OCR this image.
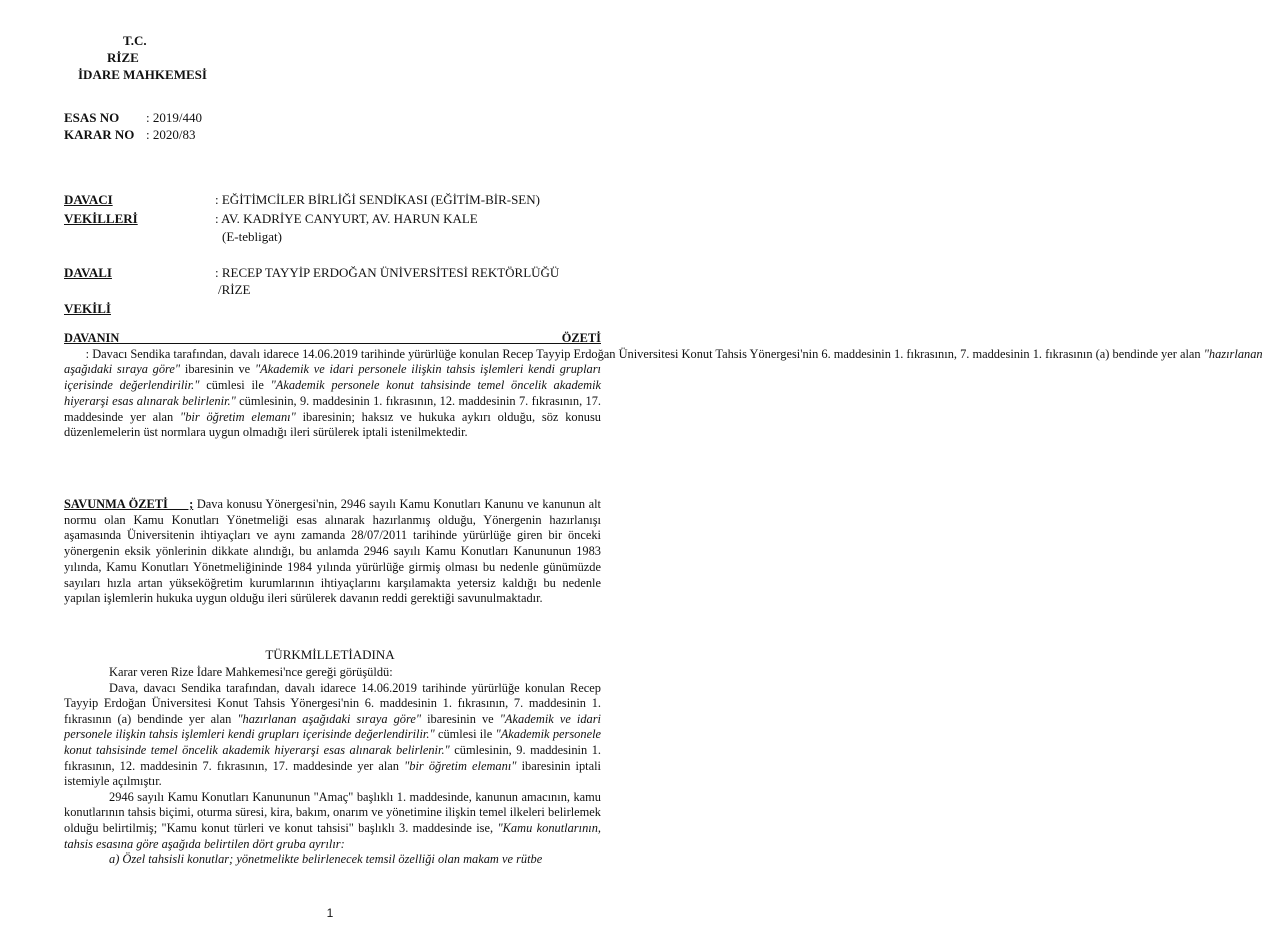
T.C.
RİZE
İDARE MAHKEMESİ
ESAS NO : 2019/440
KARAR NO : 2020/83
DAVACI	: EĞİTİMCİLER BİRLİĞİ SENDİKASI (EĞİTİM-BİR-SEN)
VEKİLLERİ	: AV. KADRİYE CANYURT, AV. HARUN KALE
(E-tebligat)
DAVALI	: RECEP TAYYİP ERDOĞAN ÜNİVERSİTESİ REKTÖRLÜĞÜ
/RİZE
VEKİLİ

DAVANIN ÖZETİ       : Davacı Sendika tarafından, davalı idarece 14.06.2019 tarihinde yürürlüğe konulan Recep Tayyip Erdoğan Üniversitesi Konut Tahsis Yönergesi'nin 6. maddesinin 1. fıkrasının, 7. maddesinin 1. fıkrasının (a) bendinde yer alan "hazırlanan aşağıdaki sıraya göre" ibaresinin ve "Akademik ve idari personele ilişkin tahsis işlemleri kendi grupları içerisinde değerlendirilir." cümlesi ile "Akademik personele konut tahsisinde temel öncelik akademik hiyerarşi esas alınarak belirlenir." cümlesinin, 9. maddesinin 1. fıkrasının, 12. maddesinin 7. fıkrasının, 17. maddesinde yer alan "bir öğretim elemanı" ibaresinin; haksız ve hukuka aykırı olduğu, söz konusu düzenlemelerin üst normlara uygun olmadığı ileri sürülerek iptali istenilmektedir.

SAVUNMA ÖZETİ      ; Dava konusu Yönergesi'nin, 2946 sayılı Kamu Konutları Kanunu ve kanunun alt normu olan Kamu Konutları Yönetmeliği esas alınarak hazırlanmış olduğu, Yönergenin hazırlanışı aşamasında Üniversitenin ihtiyaçları ve aynı zamanda 28/07/2011 tarihinde yürürlüğe giren bir önceki yönergenin eksik yönlerinin dikkate alındığı, bu anlamda 2946 sayılı Kamu Konutları Kanununun 1983 yılında, Kamu Konutları Yönetmeliğininde 1984 yılında yürürlüğe girmiş olması bu nedenle günümüzde sayıları hızla artan yükseköğretim kurumlarının ihtiyaçlarını karşılamakta yetersiz kaldığı bu nedenle yapılan işlemlerin hukuka uygun olduğu ileri sürülerek davanın reddi gerektiği savunulmaktadır.

TÜRKMİLLETİADINA

Karar veren Rize İdare Mahkemesi'nce gereği görüşüldü:

Dava, davacı Sendika tarafından, davalı idarece 14.06.2019 tarihinde yürürlüğe konulan Recep Tayyip Erdoğan Üniversitesi Konut Tahsis Yönergesi'nin 6. maddesinin 1. fıkrasının, 7. maddesinin 1. fıkrasının (a) bendinde yer alan "hazırlanan aşağıdaki sıraya göre" ibaresinin ve "Akademik ve idari personele ilişkin tahsis işlemleri kendi grupları içerisinde değerlendirilir." cümlesi ile "Akademik personele konut tahsisinde temel öncelik akademik hiyerarşi esas alınarak belirlenir." cümlesinin, 9. maddesinin 1. fıkrasının, 12. maddesinin 7. fıkrasının, 17. maddesinde yer alan "bir öğretim elemanı" ibaresinin iptali istemiyle açılmıştır.

2946 sayılı Kamu Konutları Kanununun "Amaç" başlıklı 1. maddesinde, kanunun amacının, kamu konutlarının tahsis biçimi, oturma süresi, kira, bakım, onarım ve yönetimine ilişkin temel ilkeleri belirlemek olduğu belirtilmiş; "Kamu konut türleri ve konut tahsisi" başlıklı 3. maddesinde ise, "Kamu konutlarının, tahsis esasına göre aşağıda belirtilen dört gruba ayrılır:

a) Özel tahsisli konutlar; yönetmelikte belirlenecek temsil özelliği olan makam ve rütbe

1
